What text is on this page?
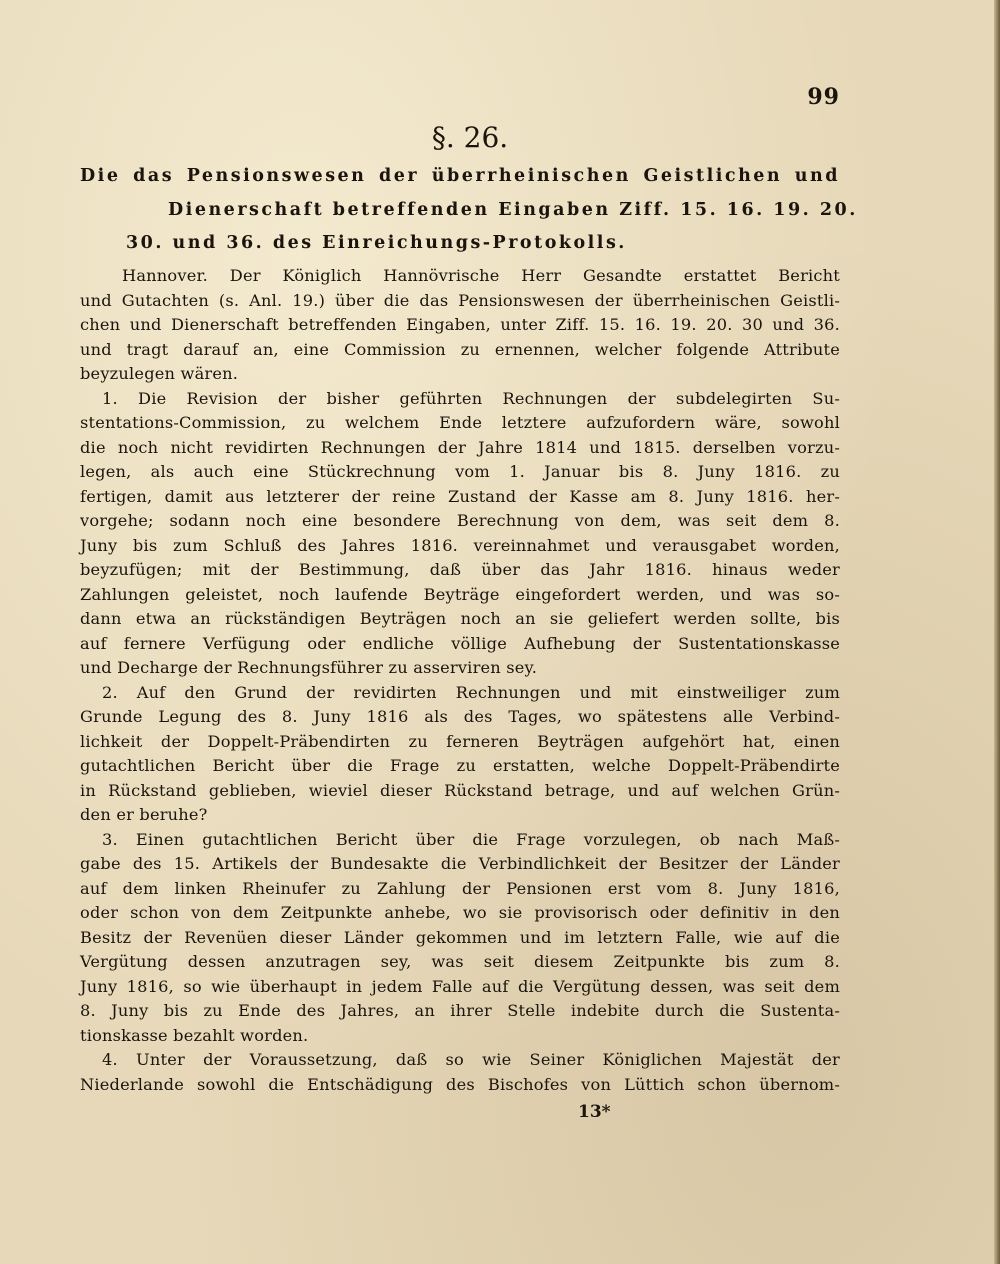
99
§. 26.
Die das Pensionswesen der überrheinischen Geistlichen und
Dienerschaft betreffenden Eingaben Ziff. 15. 16. 19. 20.
30. und 36. des Einreichungs-Protokolls.
Hannover. Der Königlich Hannövrische Herr Gesandte erstattet Bericht
und Gutachten (s. Anl. 19.) über die das Pensionswesen der überrheinischen Geistli-
chen und Dienerschaft betreffenden Eingaben, unter Ziff. 15. 16. 19. 20. 30 und 36.
und tragt darauf an, eine Commission zu ernennen, welcher folgende Attribute
beyzulegen wären.
1. Die Revision der bisher geführten Rechnungen der subdelegirten Su-
stentations-Commission, zu welchem Ende letztere aufzufordern wäre, sowohl
die noch nicht revidirten Rechnungen der Jahre 1814 und 1815. derselben vorzu-
legen, als auch eine Stückrechnung vom 1. Januar bis 8. Juny 1816. zu
fertigen, damit aus letzterer der reine Zustand der Kasse am 8. Juny 1816. her-
vorgehe; sodann noch eine besondere Berechnung von dem, was seit dem 8.
Juny bis zum Schluß des Jahres 1816. vereinnahmet und verausgabet worden,
beyzufügen; mit der Bestimmung, daß über das Jahr 1816. hinaus weder
Zahlungen geleistet, noch laufende Beyträge eingefordert werden, und was so-
dann etwa an rückständigen Beyträgen noch an sie geliefert werden sollte, bis
auf fernere Verfügung oder endliche völlige Aufhebung der Sustentationskasse
und Decharge der Rechnungsführer zu asserviren sey.
2. Auf den Grund der revidirten Rechnungen und mit einstweiliger zum
Grunde Legung des 8. Juny 1816 als des Tages, wo spätestens alle Verbind-
lichkeit der Doppelt-Präbendirten zu ferneren Beyträgen aufgehört hat, einen
gutachtlichen Bericht über die Frage zu erstatten, welche Doppelt-Präbendirte
in Rückstand geblieben, wieviel dieser Rückstand betrage, und auf welchen Grün-
den er beruhe?
3. Einen gutachtlichen Bericht über die Frage vorzulegen, ob nach Maß-
gabe des 15. Artikels der Bundesakte die Verbindlichkeit der Besitzer der Länder
auf dem linken Rheinufer zu Zahlung der Pensionen erst vom 8. Juny 1816,
oder schon von dem Zeitpunkte anhebe, wo sie provisorisch oder definitiv in den
Besitz der Revenüen dieser Länder gekommen und im letztern Falle, wie auf die
Vergütung dessen anzutragen sey, was seit diesem Zeitpunkte bis zum 8.
Juny 1816, so wie überhaupt in jedem Falle auf die Vergütung dessen, was seit dem
8. Juny bis zu Ende des Jahres, an ihrer Stelle indebite durch die Sustenta-
tionskasse bezahlt worden.
4. Unter der Voraussetzung, daß so wie Seiner Königlichen Majestät der
Niederlande sowohl die Entschädigung des Bischofes von Lüttich schon übernom-
13*
